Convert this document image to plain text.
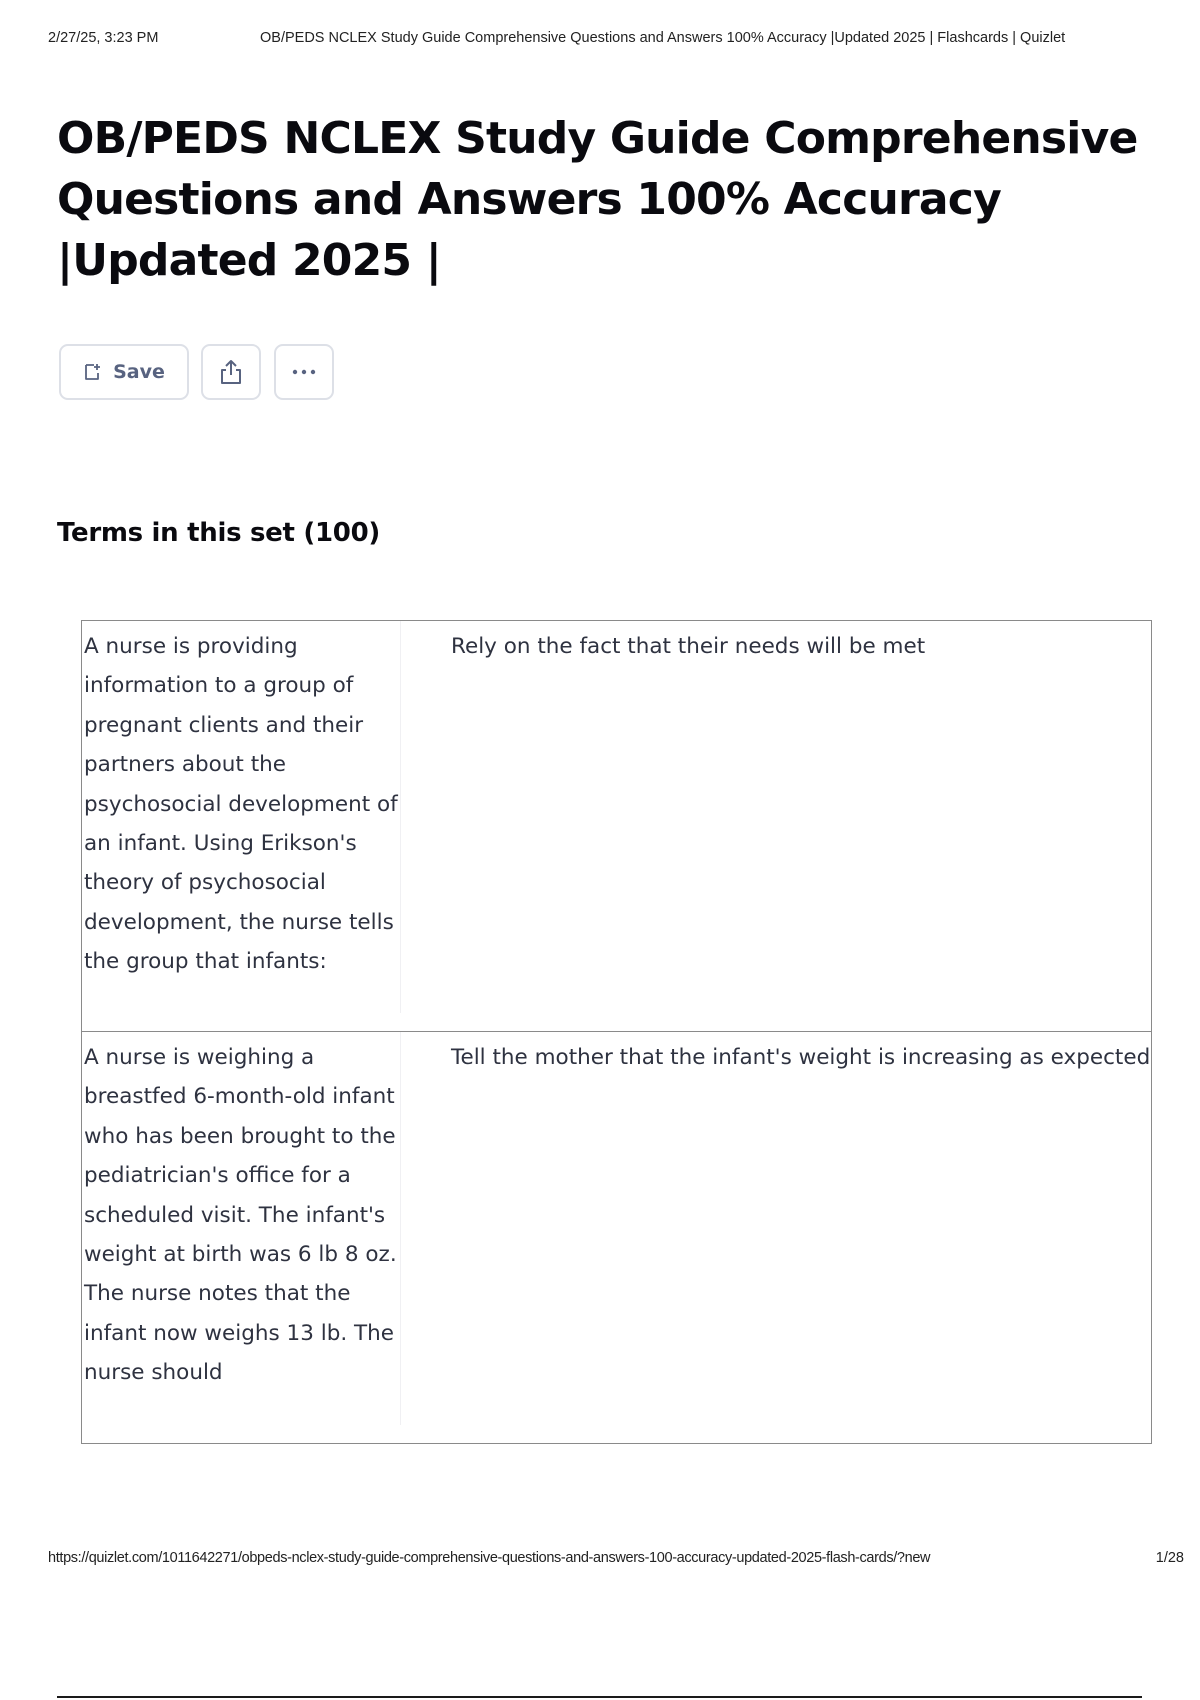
2/27/25, 3:23 PM	OB/PEDS NCLEX Study Guide Comprehensive Questions and Answers 100% Accuracy |Updated 2025 | Flashcards | Quizlet
OB/PEDS NCLEX Study Guide Comprehensive Questions and Answers 100% Accuracy |Updated 2025 |
Save
Terms in this set (100)
A nurse is providing information to a group of pregnant clients and their partners about the psychosocial development of an infant. Using Erikson's theory of psychosocial development, the nurse tells the group that infants:
Rely on the fact that their needs will be met
A nurse is weighing a breastfed 6-month-old infant who has been brought to the pediatrician's office for a scheduled visit. The infant's weight at birth was 6 lb 8 oz. The nurse notes that the infant now weighs 13 lb. The nurse should
Tell the mother that the infant's weight is increasing as expected
https://quizlet.com/1011642271/obpeds-nclex-study-guide-comprehensive-questions-and-answers-100-accuracy-updated-2025-flash-cards/?new	1/28
